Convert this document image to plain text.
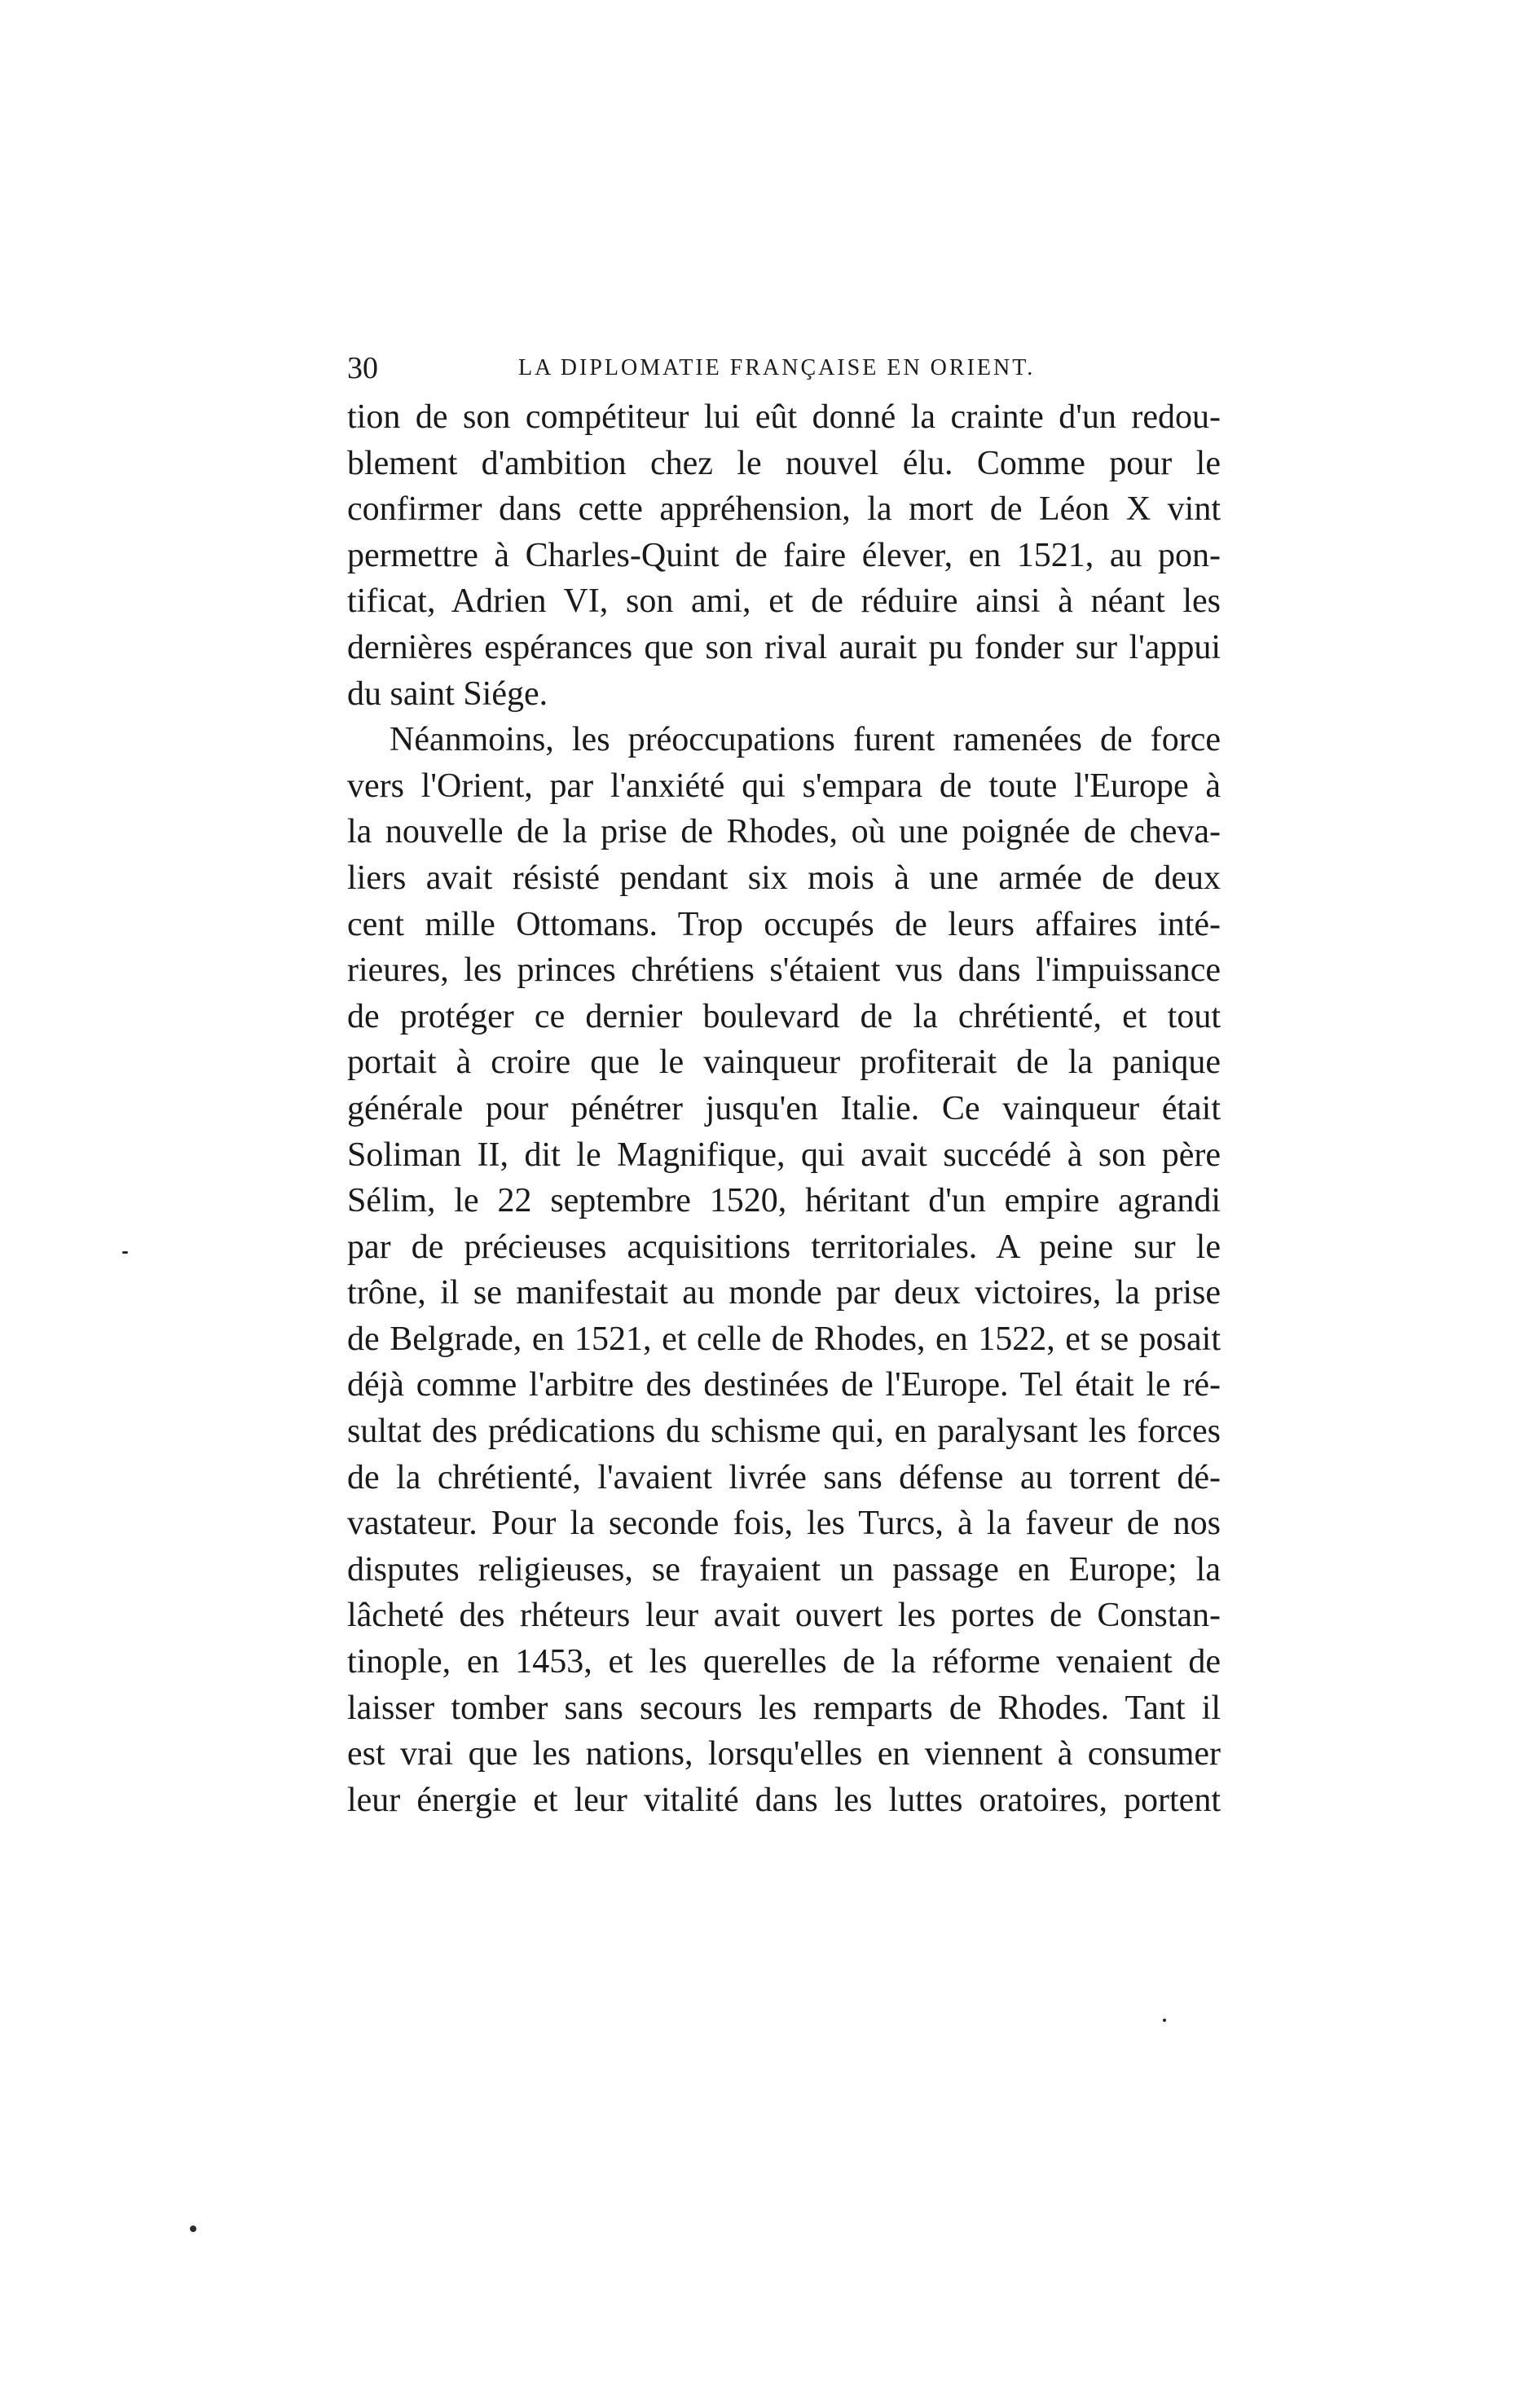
30	LA DIPLOMATIE FRANÇAISE EN ORIENT.
tion de son compétiteur lui eût donné la crainte d'un redou-
blement d'ambition chez le nouvel élu. Comme pour le
confirmer dans cette appréhension, la mort de Léon X vint
permettre à Charles-Quint de faire élever, en 1521, au pon-
tificat, Adrien VI, son ami, et de réduire ainsi à néant les
dernières espérances que son rival aurait pu fonder sur l'appui
du saint Siége.
Néanmoins, les préoccupations furent ramenées de force
vers l'Orient, par l'anxiété qui s'empara de toute l'Europe à
la nouvelle de la prise de Rhodes, où une poignée de cheva-
liers avait résisté pendant six mois à une armée de deux
cent mille Ottomans. Trop occupés de leurs affaires inté-
rieures, les princes chrétiens s'étaient vus dans l'impuissance
de protéger ce dernier boulevard de la chrétienté, et tout
portait à croire que le vainqueur profiterait de la panique
générale pour pénétrer jusqu'en Italie. Ce vainqueur était
Soliman II, dit le Magnifique, qui avait succédé à son père
Sélim, le 22 septembre 1520, héritant d'un empire agrandi
par de précieuses acquisitions territoriales. A peine sur le
trône, il se manifestait au monde par deux victoires, la prise
de Belgrade, en 1521, et celle de Rhodes, en 1522, et se posait
déjà comme l'arbitre des destinées de l'Europe. Tel était le ré-
sultat des prédications du schisme qui, en paralysant les forces
de la chrétienté, l'avaient livrée sans défense au torrent dé-
vastateur. Pour la seconde fois, les Turcs, à la faveur de nos
disputes religieuses, se frayaient un passage en Europe; la
lâcheté des rhéteurs leur avait ouvert les portes de Constan-
tinople, en 1453, et les querelles de la réforme venaient de
laisser tomber sans secours les remparts de Rhodes. Tant il
est vrai que les nations, lorsqu'elles en viennent à consumer
leur énergie et leur vitalité dans les luttes oratoires, portent
